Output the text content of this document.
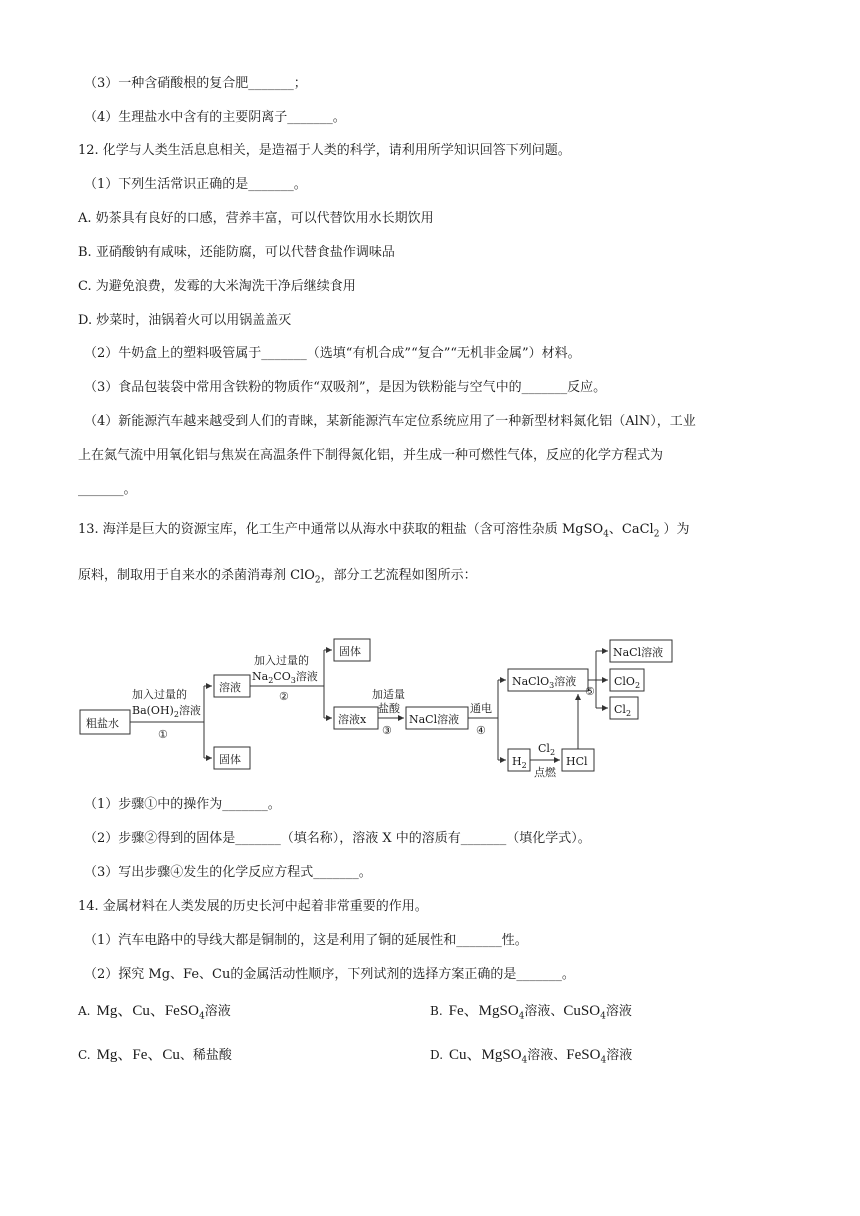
（3）一种含硝酸根的复合肥_______；
（4）生理盐水中含有的主要阴离子_______。
12. 化学与人类生活息息相关，是造福于人类的科学，请利用所学知识回答下列问题。
（1）下列生活常识正确的是_______。
A. 奶茶具有良好的口感，营养丰富，可以代替饮用水长期饮用
B. 亚硝酸钠有咸味，还能防腐，可以代替食盐作调味品
C. 为避免浪费，发霉的大米淘洗干净后继续食用
D. 炒菜时，油锅着火可以用锅盖盖灭
（2）牛奶盒上的塑料吸管属于_______（选填“有机合成”“复合”“无机非金属”）材料。
（3）食品包装袋中常用含铁粉的物质作“双吸剂”，是因为铁粉能与空气中的_______反应。
（4）新能源汽车越来越受到人们的青睐，某新能源汽车定位系统应用了一种新型材料氮化铝（AlN），工业
上在氮气流中用氧化铝与焦炭在高温条件下制得氮化铝，并生成一种可燃性气体，反应的化学方程式为
_______。
13. 海洋是巨大的资源宝库，化工生产中通常以从海水中获取的粗盐（含可溶性杂质 MgSO$_4$、CaCl$_2$ ）为
原料，制取用于自来水的杀菌消毒剂 ClO$_2$，部分工艺流程如图所示：
粗盐水
加入过量的
$Ba(OH)_2$溶液
①
溶液
固体
加入过量的
$Na_2CO_3$溶液
②
固体
溶液x
加适量
盐酸
③
NaCl溶液
通电
④
NaClO$_3$溶液
$H_2$
$Cl_2$
点燃
HCl
⑤
NaCl溶液
ClO$_2$
$Cl_2$
（1）步骤①中的操作为_______。
（2）步骤②得到的固体是_______（填名称），溶液 X 中的溶质有_______（填化学式）。
（3）写出步骤④发生的化学反应方程式_______。
14. 金属材料在人类发展的历史长河中起着非常重要的作用。
（1）汽车电路中的导线大都是铜制的，这是利用了铜的延展性和_______性。
（2）探究 Mg、Fe、Cu的金属活动性顺序，下列试剂的选择方案正确的是_______。
A. Mg、Cu、FeSO$_4$溶液	B. Fe、MgSO$_4$溶液、CuSO$_4$溶液
C. Mg、Fe、Cu、稀盐酸	D. Cu、MgSO$_4$溶液、FeSO$_4$溶液
